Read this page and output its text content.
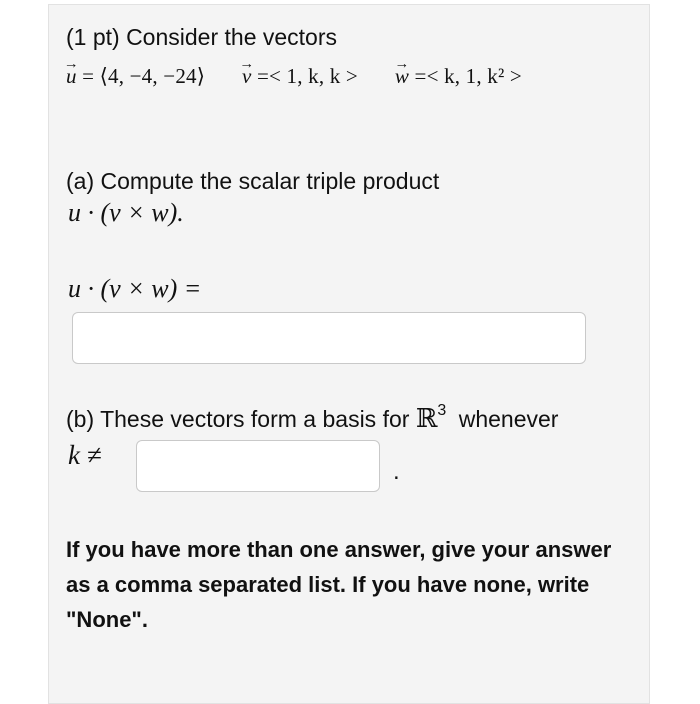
(1 pt) Consider the vectors
→ u = ⟨4, −4, −24⟩ → v =< 1, k, k > → w =< k, 1, k² >
(a) Compute the scalar triple product
u · (v × w).
u · (v × w) =
(b) These vectors form a basis for ℝ$^3$ whenever
k ≠
.
If you have more than one answer, give your answer as a comma separated list. If you have none, write "None".
